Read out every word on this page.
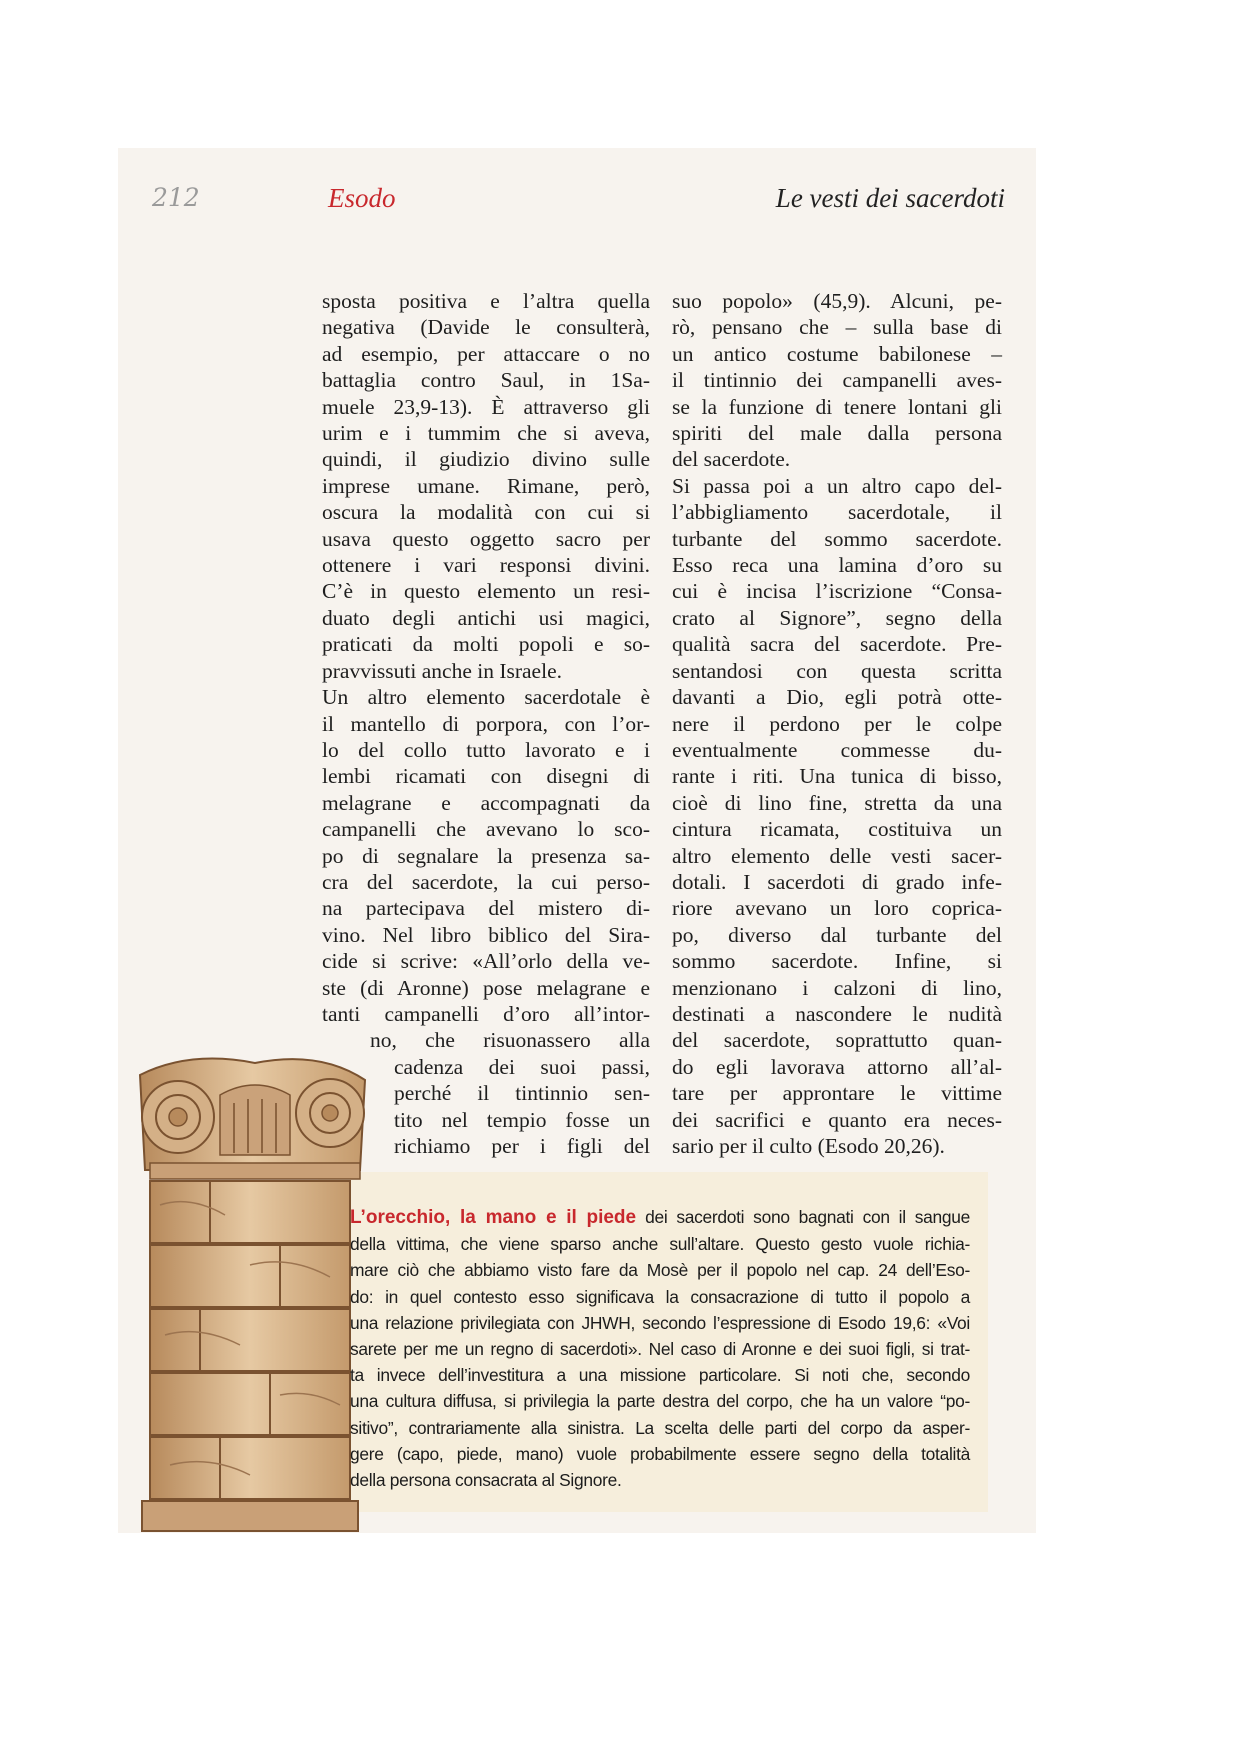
212	Esodo	Le vesti dei sacerdoti
sposta positiva e l’altra quella
negativa (Davide le consulterà,
ad esempio, per attaccare o no
battaglia contro Saul, in 1Sa-
muele 23,9-13). È attraverso gli
urim e i tummim che si aveva,
quindi, il giudizio divino sulle
imprese umane. Rimane, però,
oscura la modalità con cui si
usava questo oggetto sacro per
ottenere i vari responsi divini.
C’è in questo elemento un resi-
duato degli antichi usi magici,
praticati da molti popoli e so-
pravvissuti anche in Israele.
Un altro elemento sacerdotale è
il mantello di porpora, con l’or-
lo del collo tutto lavorato e i
lembi ricamati con disegni di
melagrane e accompagnati da
campanelli che avevano lo sco-
po di segnalare la presenza sa-
cra del sacerdote, la cui perso-
na partecipava del mistero di-
vino. Nel libro biblico del Sira-
cide si scrive: «All’orlo della ve-
ste (di Aronne) pose melagrane e
tanti campanelli d’oro all’intor-
no, che risuonassero alla
cadenza dei suoi passi,
perché il tintinnio sen-
tito nel tempio fosse un
richiamo per i figli del
suo popolo» (45,9). Alcuni, pe-
rò, pensano che – sulla base di
un antico costume babilonese –
il tintinnio dei campanelli aves-
se la funzione di tenere lontani gli
spiriti del male dalla persona
del sacerdote.
Si passa poi a un altro capo del-
l’abbigliamento sacerdotale, il
turbante del sommo sacerdote.
Esso reca una lamina d’oro su
cui è incisa l’iscrizione “Consa-
crato al Signore”, segno della
qualità sacra del sacerdote. Pre-
sentandosi con questa scritta
davanti a Dio, egli potrà otte-
nere il perdono per le colpe
eventualmente commesse du-
rante i riti. Una tunica di bisso,
cioè di lino fine, stretta da una
cintura ricamata, costituiva un
altro elemento delle vesti sacer-
dotali. I sacerdoti di grado infe-
riore avevano un loro coprica-
po, diverso dal turbante del
sommo sacerdote. Infine, si
menzionano i calzoni di lino,
destinati a nascondere le nudità
del sacerdote, soprattutto quan-
do egli lavorava attorno all’al-
tare per approntare le vittime
dei sacrifici e quanto era neces-
sario per il culto (Esodo 20,26).
L’orecchio, la mano e il piede dei sacerdoti sono bagnati con il sangue
della vittima, che viene sparso anche sull’altare. Questo gesto vuole richia-
mare ciò che abbiamo visto fare da Mosè per il popolo nel cap. 24 dell’Eso-
do: in quel contesto esso significava la consacrazione di tutto il popolo a
una relazione privilegiata con JHWH, secondo l’espressione di Esodo 19,6: «Voi
sarete per me un regno di sacerdoti». Nel caso di Aronne e dei suoi figli, si trat-
ta invece dell’investitura a una missione particolare. Si noti che, secondo
una cultura diffusa, si privilegia la parte destra del corpo, che ha un valore “po-
sitivo”, contrariamente alla sinistra. La scelta delle parti del corpo da asper-
gere (capo, piede, mano) vuole probabilmente essere segno della totalità
della persona consacrata al Signore.
